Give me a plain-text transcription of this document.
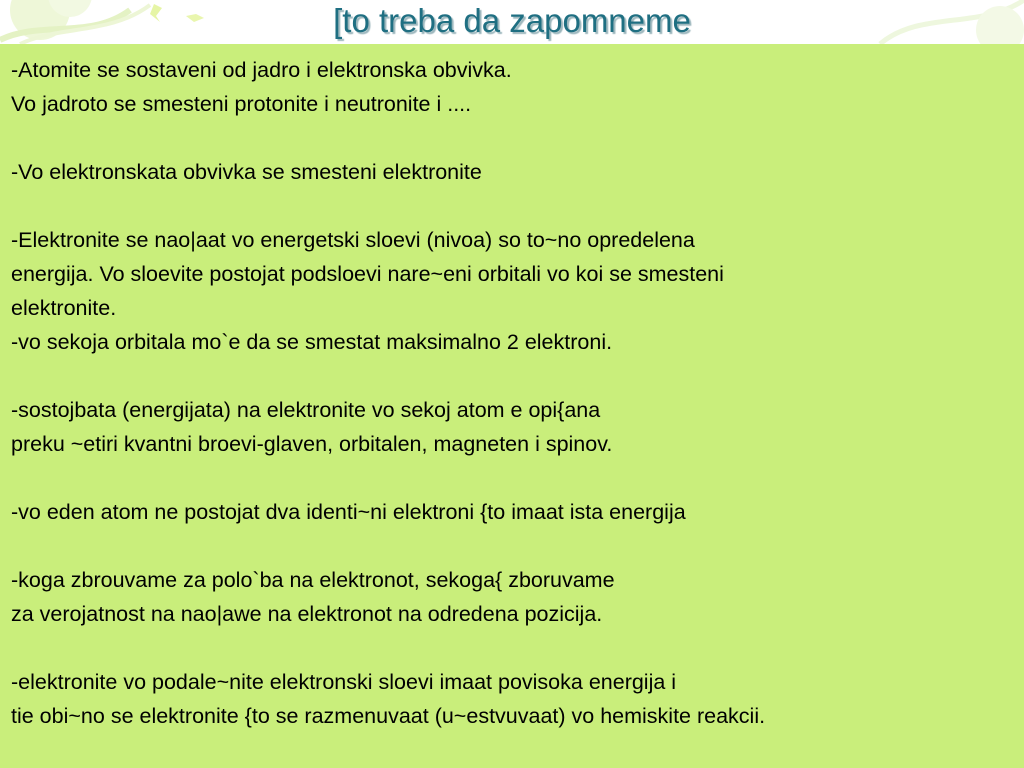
[to treba da zapomneme
-Atomite se sostaveni od jadro i elektronska obvivka.
Vo jadroto se smesteni protonite i neutronite i ....
-Vo elektronskata obvivka se smesteni elektronite
-Elektronite se nao|aat vo energetski sloevi (nivoa) so to~no opredelena
energija. Vo sloevite postojat podsloevi nare~eni orbitali vo koi se smesteni
elektronite.
-vo sekoja orbitala mo`e da se smestat maksimalno 2 elektroni.
-sostojbata (energijata) na elektronite vo sekoj atom e opi{ana
preku ~etiri kvantni broevi-glaven, orbitalen, magneten i spinov.
-vo eden atom ne postojat dva identi~ni elektroni {to imaat ista energija
-koga zbrouvame za polo`ba na elektronot, sekoga{ zboruvame
za verojatnost na nao|awe na elektronot na odredena pozicija.
-elektronite vo podale~nite elektronski sloevi imaat povisoka energija i
tie obi~no se elektronite {to se razmenuvaat (u~estvuvaat) vo hemiskite reakcii.
